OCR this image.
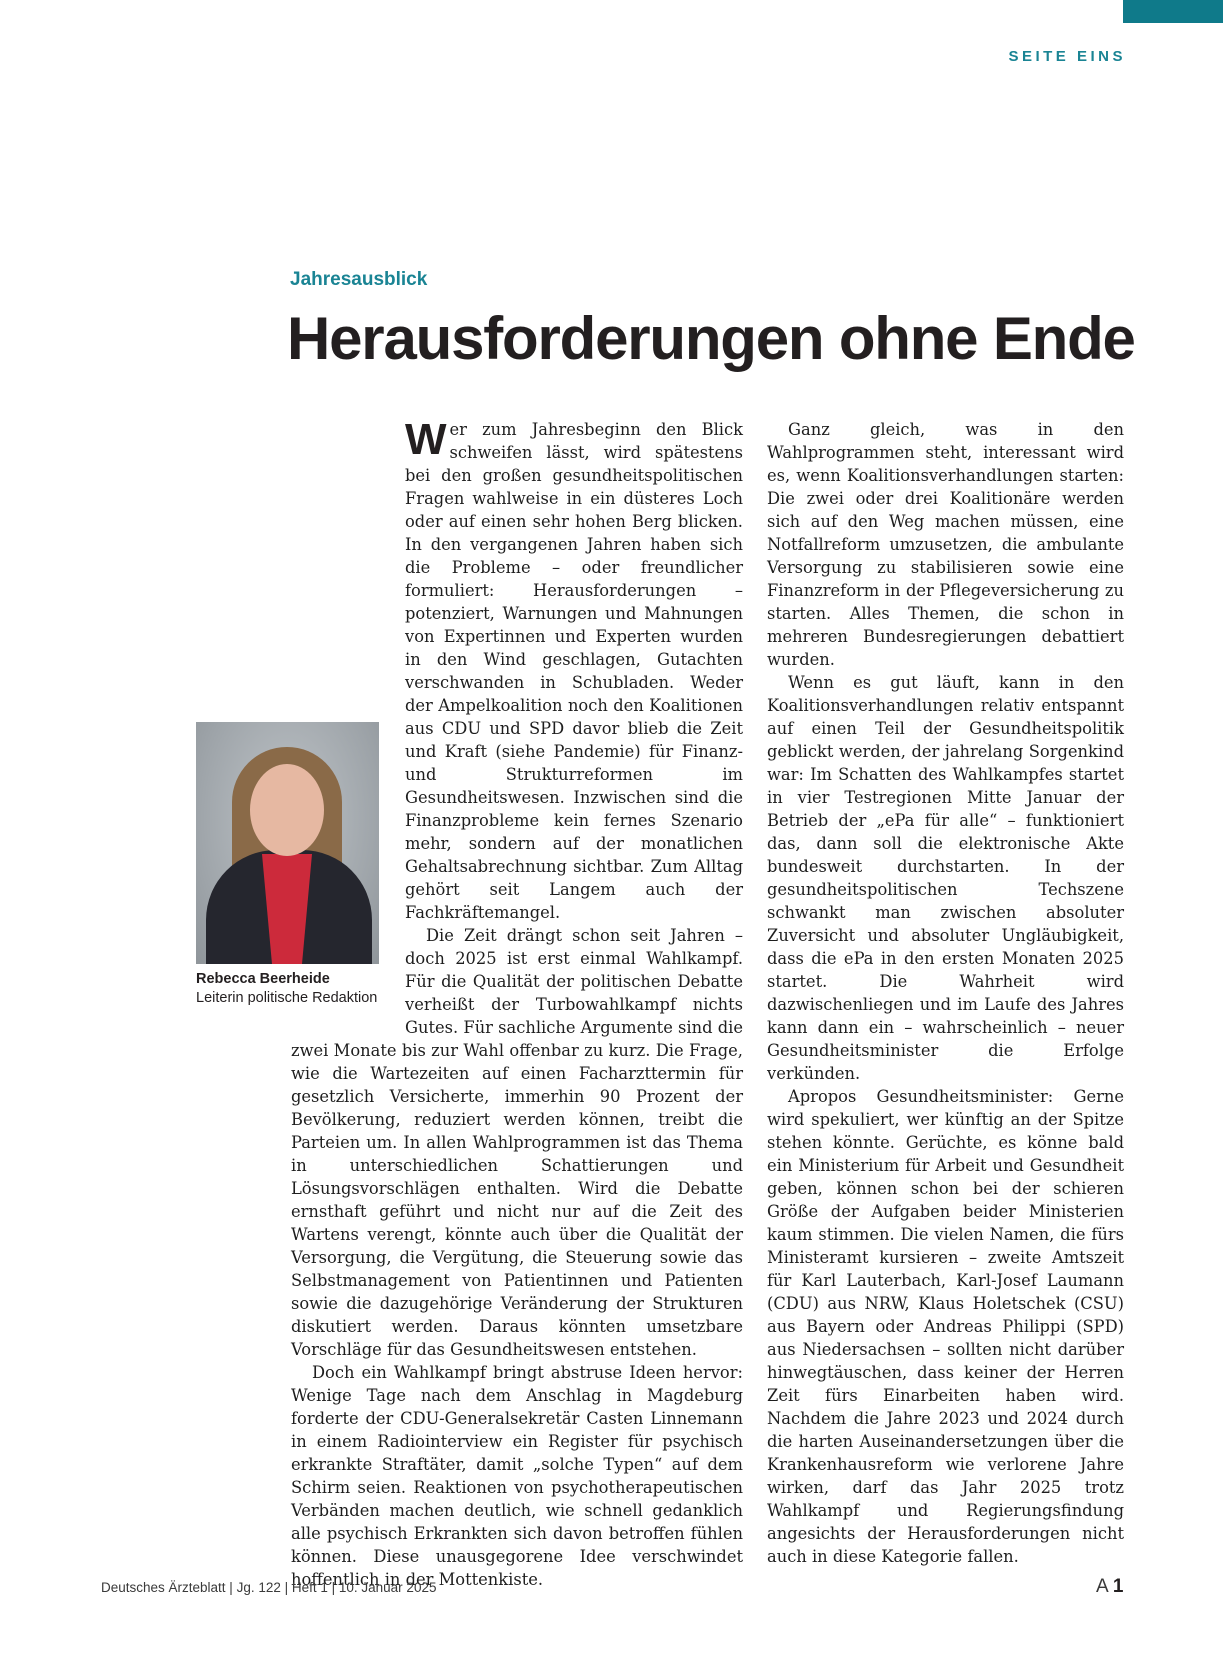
SEITE EINS
Jahresausblick
Herausforderungen ohne Ende

Wer zum Jahresbeginn den Blick schweifen lässt, wird spätestens bei den großen gesundheitspolitischen Fragen wahlweise in ein düsteres Loch oder auf einen sehr hohen Berg blicken. In den vergangenen Jahren haben sich die Probleme – oder freundlicher formuliert: Herausforderungen – potenziert, Warnungen und Mahnungen von Expertinnen und Experten wurden in den Wind geschlagen, Gutachten verschwanden in Schubladen. Weder der Ampelkoalition noch den Koalitionen aus CDU und SPD davor blieb die Zeit und Kraft (siehe Pandemie) für Finanz- und Strukturreformen im Gesundheitswesen. Inzwischen sind die Finanzprobleme kein fernes Szenario mehr, sondern auf der monatlichen Gehaltsabrechnung sichtbar. Zum Alltag gehört seit Langem auch der Fachkräftemangel.

Die Zeit drängt schon seit Jahren – doch 2025 ist erst einmal Wahlkampf. Für die Qualität der politischen Debatte verheißt der Turbowahlkampf nichts Gutes. Für sachliche Argumente sind die zwei Monate bis zur Wahl offenbar zu kurz. Die Frage, wie die Wartezeiten auf einen Facharzttermin für gesetzlich Versicherte, immerhin 90 Prozent der Bevölkerung, reduziert werden können, treibt die Parteien um. In allen Wahlprogrammen ist das Thema in unterschiedlichen Schattierungen und Lösungsvorschlägen enthalten. Wird die Debatte ernsthaft geführt und nicht nur auf die Zeit des Wartens verengt, könnte auch über die Qualität der Versorgung, die Vergütung, die Steuerung sowie das Selbstmanagement von Patientinnen und Patienten sowie die dazugehörige Veränderung der Strukturen diskutiert werden. Daraus könnten umsetzbare Vorschläge für das Gesundheitswesen entstehen.

Doch ein Wahlkampf bringt abstruse Ideen hervor: Wenige Tage nach dem Anschlag in Magdeburg forderte der CDU-Generalsekretär Casten Linnemann in einem Radiointerview ein Register für psychisch erkrankte Straftäter, damit „solche Typen“ auf dem Schirm seien. Reaktionen von psychotherapeutischen Verbänden machen deutlich, wie schnell gedanklich alle psychisch Erkrankten sich davon betroffen fühlen können. Diese unausgegorene Idee verschwindet hoffentlich in der Mottenkiste.

Ganz gleich, was in den Wahlprogrammen steht, interessant wird es, wenn Koalitionsverhandlungen starten: Die zwei oder drei Koalitionäre werden sich auf den Weg machen müssen, eine Notfallreform umzusetzen, die ambulante Versorgung zu stabilisieren sowie eine Finanzreform in der Pflegeversicherung zu starten. Alles Themen, die schon in mehreren Bundesregierungen debattiert wurden.

Wenn es gut läuft, kann in den Koalitionsverhandlungen relativ entspannt auf einen Teil der Gesundheitspolitik geblickt werden, der jahrelang Sorgenkind war: Im Schatten des Wahlkampfes startet in vier Testregionen Mitte Januar der Betrieb der „ePa für alle“ – funktioniert das, dann soll die elektronische Akte bundesweit durchstarten. In der gesundheitspolitischen Techszene schwankt man zwischen absoluter Zuversicht und absoluter Ungläubigkeit, dass die ePa in den ersten Monaten 2025 startet. Die Wahrheit wird dazwischenliegen und im Laufe des Jahres kann dann ein – wahrscheinlich – neuer Gesundheitsminister die Erfolge verkünden.

Apropos Gesundheitsminister: Gerne wird spekuliert, wer künftig an der Spitze stehen könnte. Gerüchte, es könne bald ein Ministerium für Arbeit und Gesundheit geben, können schon bei der schieren Größe der Aufgaben beider Ministerien kaum stimmen. Die vielen Namen, die fürs Ministeramt kursieren – zweite Amtszeit für Karl Lauterbach, Karl-Josef Laumann (CDU) aus NRW, Klaus Holetschek (CSU) aus Bayern oder Andreas Philippi (SPD) aus Niedersachsen – sollten nicht darüber hinwegtäuschen, dass keiner der Herren Zeit fürs Einarbeiten haben wird. Nachdem die Jahre 2023 und 2024 durch die harten Auseinandersetzungen über die Krankenhausreform wie verlorene Jahre wirken, darf das Jahr 2025 trotz Wahlkampf und Regierungsfindung angesichts der Herausforderungen nicht auch in diese Kategorie fallen.

Rebecca Beerheide
Leiterin politische Redaktion
Deutsches Ärzteblatt | Jg. 122 | Heft 1 | 10. Januar 2025	A 1
